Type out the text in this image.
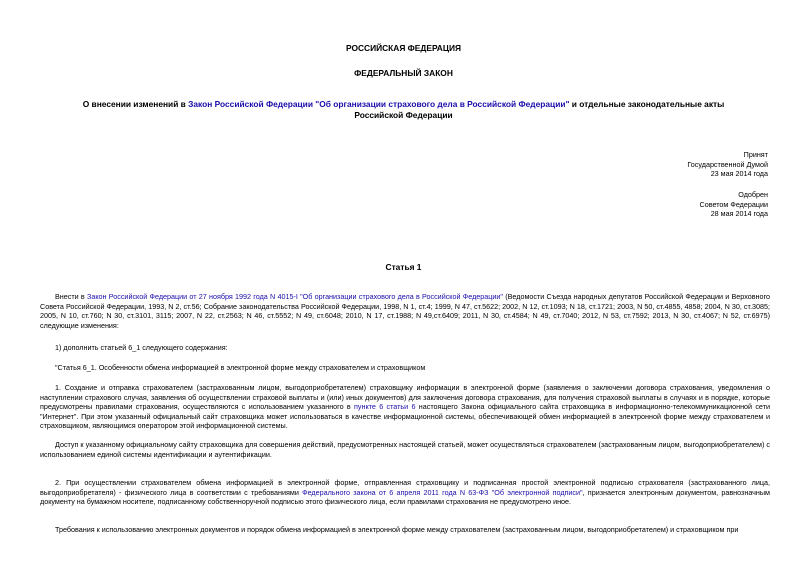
РОССИЙСКАЯ ФЕДЕРАЦИЯ
ФЕДЕРАЛЬНЫЙ ЗАКОН
О внесении изменений в Закон Российской Федерации "Об организации страхового дела в Российской Федерации" и отдельные законодательные акты
Российской Федерации
Принят
Государственной Думой
23 мая 2014 года
Одобрен
Советом Федерации
28 мая 2014 года
Статья 1
Внести в Закон Российской Федерации от 27 ноября 1992 года N 4015-I "Об организации страхового дела в Российской Федерации" (Ведомости Съезда народных депутатов Российской Федерации и Верховного Совета Российской Федерации, 1993, N 2, ст.56; Собрание законодательства Российской Федерации, 1998, N 1, ст.4; 1999, N 47, ст.5622; 2002, N 12, ст.1093; N 18, ст.1721; 2003, N 50, ст.4855, 4858; 2004, N 30, ст.3085; 2005, N 10, ст.760; N 30, ст.3101, 3115; 2007, N 22, ст.2563; N 46, ст.5552; N 49, ст.6048; 2010, N 17, ст.1988; N 49,ст.6409; 2011, N 30, ст.4584; N 49, ст.7040; 2012, N 53, ст.7592; 2013, N 30, ст.4067; N 52, ст.6975) следующие изменения:
1) дополнить статьей 6_1 следующего содержания:
"Статья 6_1. Особенности обмена информацией в электронной форме между страхователем и страховщиком
1. Создание и отправка страхователем (застрахованным лицом, выгодоприобретателем) страховщику информации в электронной форме (заявления о заключении договора страхования, уведомления о наступлении страхового случая, заявления об осуществлении страховой выплаты и (или) иных документов) для заключения договора страхования, для получения страховой выплаты в случаях и в порядке, которые предусмотрены правилами страхования, осуществляются с использованием указанного в пункте 6 статьи 6 настоящего Закона официального сайта страховщика в информационно-телекоммуникационной сети "Интернет". При этом указанный официальный сайт страховщика может использоваться в качестве информационной системы, обеспечивающей обмен информацией в электронной форме между страхователем и страховщиком, являющимся оператором этой информационной системы.
Доступ к указанному официальному сайту страховщика для совершения действий, предусмотренных настоящей статьей, может осуществляться страхователем (застрахованным лицом, выгодоприобретателем) с использованием единой системы идентификации и аутентификации.
2. При осуществлении страхователем обмена информацией в электронной форме, отправленная страховщику и подписанная простой электронной подписью страхователя (застрахованного лица, выгодоприобретателя) - физического лица в соответствии с требованиями Федерального закона от 6 апреля 2011 года N 63-ФЗ "Об электронной подписи", признается электронным документом, равнозначным документу на бумажном носителе, подписанному собственноручной подписью этого физического лица, если правилами страхования не предусмотрено иное.
Требования к использованию электронных документов и порядок обмена информацией в электронной форме между страхователем (застрахованным лицом, выгодоприобретателем) и страховщиком при
